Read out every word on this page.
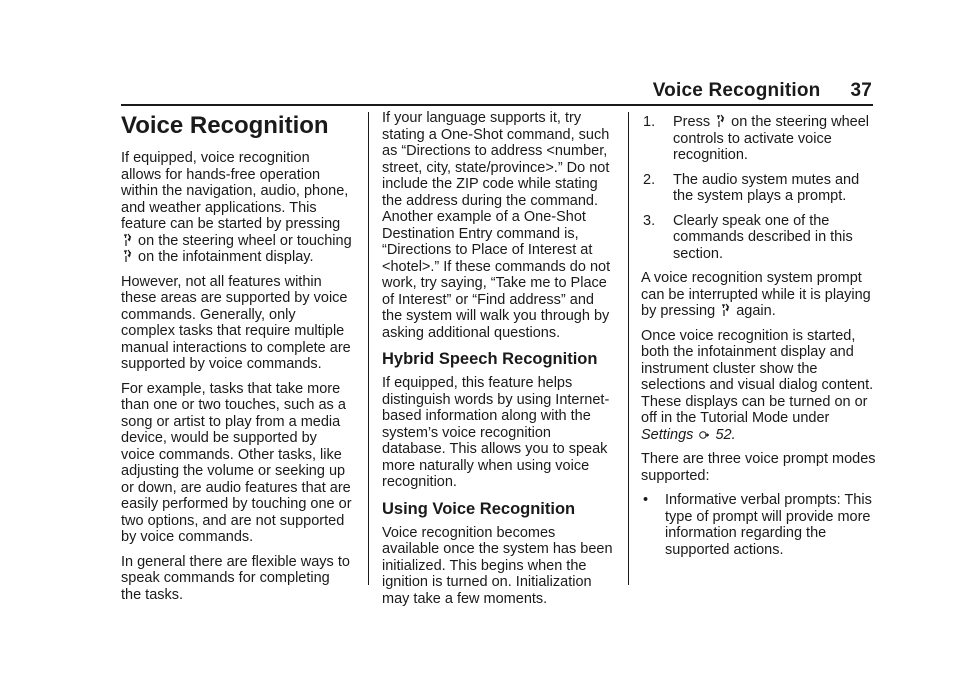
Voice Recognition 37
Voice Recognition

If equipped, voice recognition allows for hands-free operation within the navigation, audio, phone, and weather applications. This feature can be started by pressing  on the steering wheel or touching  on the infotainment display.

However, not all features within these areas are supported by voice commands. Generally, only complex tasks that require multiple manual interactions to complete are supported by voice commands.

For example, tasks that take more than one or two touches, such as a song or artist to play from a media device, would be supported by voice commands. Other tasks, like adjusting the volume or seeking up or down, are audio features that are easily performed by touching one or two options, and are not supported by voice commands.

In general there are flexible ways to speak commands for completing the tasks.

If your language supports it, try stating a One-Shot command, such as “Directions to address <number, street, city, state/province>.” Do not include the ZIP code while stating the address during the command. Another example of a One-Shot Destination Entry command is, “Directions to Place of Interest at <hotel>.” If these commands do not work, try saying, “Take me to Place of Interest” or “Find address” and the system will walk you through by asking additional questions.

Hybrid Speech Recognition

If equipped, this feature helps distinguish words by using Internet-based information along with the system’s voice recognition database. This allows you to speak more naturally when using voice recognition.

Using Voice Recognition

Voice recognition becomes available once the system has been initialized. This begins when the ignition is turned on. Initialization may take a few moments.

1.	Press on the steering wheel controls to activate voice recognition.
2.	The audio system mutes and the system plays a prompt.
3.	Clearly speak one of the commands described in this section.

A voice recognition system prompt can be interrupted while it is playing by pressing again.

Once voice recognition is started, both the infotainment display and instrument cluster show the selections and visual dialog content. These displays can be turned on or off in the Tutorial Mode under Settings 52.

There are three voice prompt modes supported:

•	Informative verbal prompts: This type of prompt will provide more information regarding the supported actions.
